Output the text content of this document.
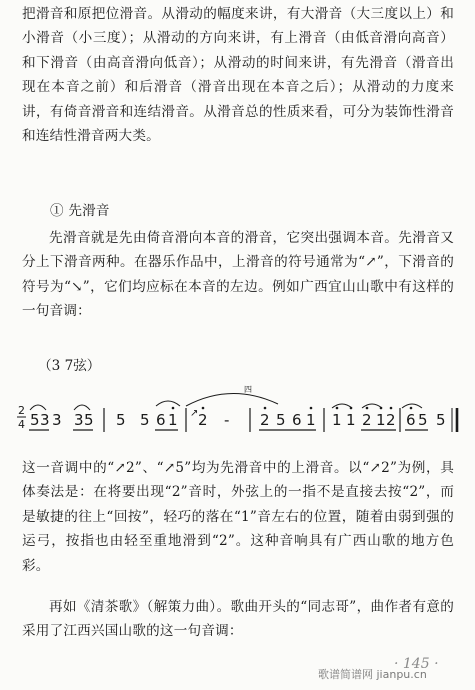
把滑音和原把位滑音。从滑动的幅度来讲，有大滑音（大三度以上）和小滑音（小三度）；从滑动的方向来讲，有上滑音（由低音滑向高音）和下滑音（由高音滑向低音）；从滑动的时间来讲，有先滑音（滑音出现在本音之前）和后滑音（滑音出现在本音之后）；从滑动的力度来讲，有倚音滑音和连结滑音。从滑音总的性质来看，可分为装饰性滑音和连结性滑音两大类。

① 先滑音

先滑音就是先由倚音滑向本音的滑音，它突出强调本音。先滑音又分上下滑音两种。在器乐作品中，上滑音的符号通常为“↗”，下滑音的符号为“↘”，它们均应标在本音的左边。例如广西宜山山歌中有这样的一句音调：

（3 7弦）
四
2
4 5 3 3 3 5 5 5 6 1 ↗ 2 - 2 5 6 1 1 1 2 1 2 6 5 5

这一音调中的“↗2”、“↗5”均为先滑音中的上滑音。以“↗2”为例，具体奏法是：在将要出现“2”音时，外弦上的一指不是直接去按“2”，而是敏捷的往上“回按”，轻巧的落在“1”音左右的位置，随着由弱到强的运弓，按指也由轻至重地滑到“2”。这种音响具有广西山歌的地方色彩。

再如《清茶歌》（解策力曲）。歌曲开头的“同志哥”，曲作者有意的采用了江西兴国山歌的这一句音调：

· 145 ·
歌谱简谱网 jianpu.cn
